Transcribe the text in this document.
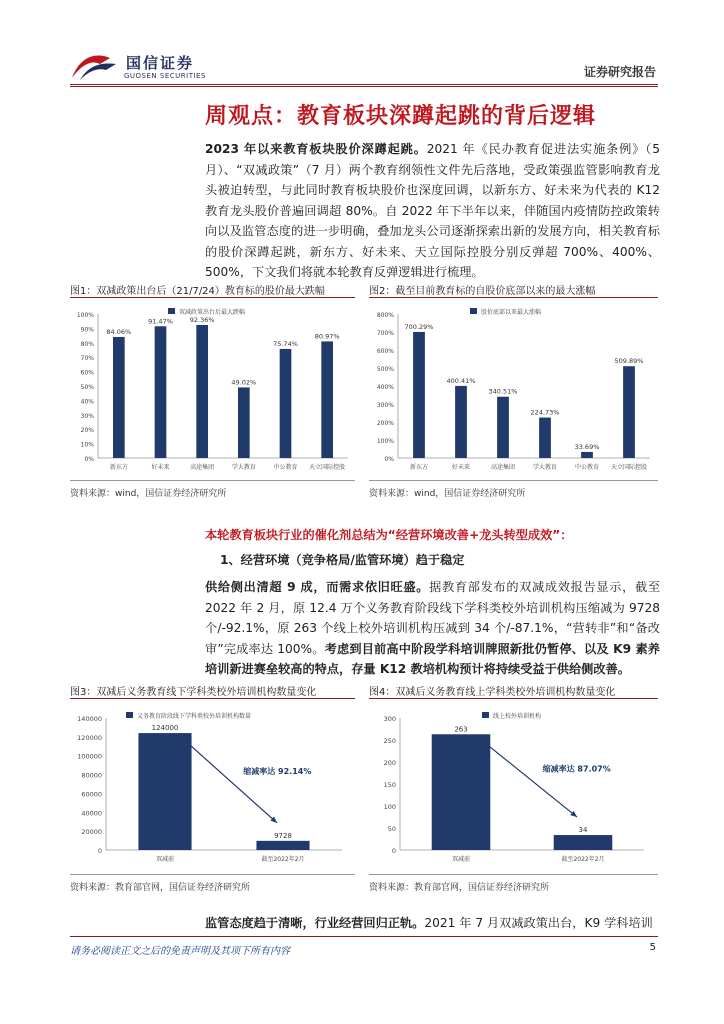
国信证券
GUOSEN SECURITIES	证券研究报告
周观点：教育板块深蹲起跳的背后逻辑
2023 年以来教育板块股价深蹲起跳。2021 年《民办教育促进法实施条例》（5 月）、“双减政策”（7 月）两个教育纲领性文件先后落地，受政策强监管影响教育龙头被迫转型，与此同时教育板块股价也深度回调，以新东方、好未来为代表的 K12 教育龙头股价普遍回调超 80%。自 2022 年下半年以来，伴随国内疫情防控政策转向以及监管态度的进一步明确，叠加龙头公司逐渐探索出新的发展方向，相关教育标的股价深蹲起跳，新东方、好未来、天立国际控股分别反弹超 700%、400%、500%，下文我们将就本轮教育反弹逻辑进行梳理。
图1：双减政策出台后（21/7/24）教育标的股价最大跌幅
0%
10%
20%
30%
40%
50%
60%
70%
80%
90%
100%	双减政策出台后最大跌幅
84.06%
新东方
91.47%
好未来
92.36%
高途集团
49.02%
学大教育
75.74%
中公教育
80.97%
天立国际控股
资料来源：wind，国信证券经济研究所
图2：截至目前教育标的自股价底部以来的最大涨幅
0%
100%
200%
300%
400%
500%
600%
700%
800%	股价底部以来最大涨幅
700.29%
新东方
400.41%
好未来
340.51%
高途集团
224.73%
学大教育
33.69%
中公教育
509.89%
天立国际控股
资料来源：wind，国信证券经济研究所
本轮教育板块行业的催化剂总结为“经营环境改善+龙头转型成效”：
1、经营环境（竞争格局/监管环境）趋于稳定
供给侧出清超 9 成，而需求依旧旺盛。据教育部发布的双减成效报告显示，截至 2022 年 2 月，原 12.4 万个义务教育阶段线下学科类校外培训机构压缩减为 9728 个/-92.1%，原 263 个线上校外培训机构压减到 34 个/-87.1%，“营转非”和“备改审”完成率达 100%。考虑到目前高中阶段学科培训牌照新批仍暂停、以及 K9 素养培训新进赛垒较高的特点，存量 K12 教培机构预计将持续受益于供给侧改善。
图3：双减后义务教育线下学科类校外培训机构数量变化
0
20000
40000
60000
80000
100000
120000
140000	义务教育阶段线下学科类校外培训机构数量
124000
双减前
9728
截至2022年2月
缩减率达 92.14%
资料来源：教育部官网，国信证券经济研究所
图4：双减后义务教育线上学科类校外培训机构数量变化
0
50
100
150
200
250
300	线上校外培训机构
263
双减前
34
截至2022年2月
缩减率达 87.07%
资料来源：教育部官网，国信证券经济研究所
监管态度趋于清晰，行业经营回归正轨。2021 年 7 月双减政策出台，K9 学科培训
请务必阅读正文之后的免责声明及其项下所有内容	5
